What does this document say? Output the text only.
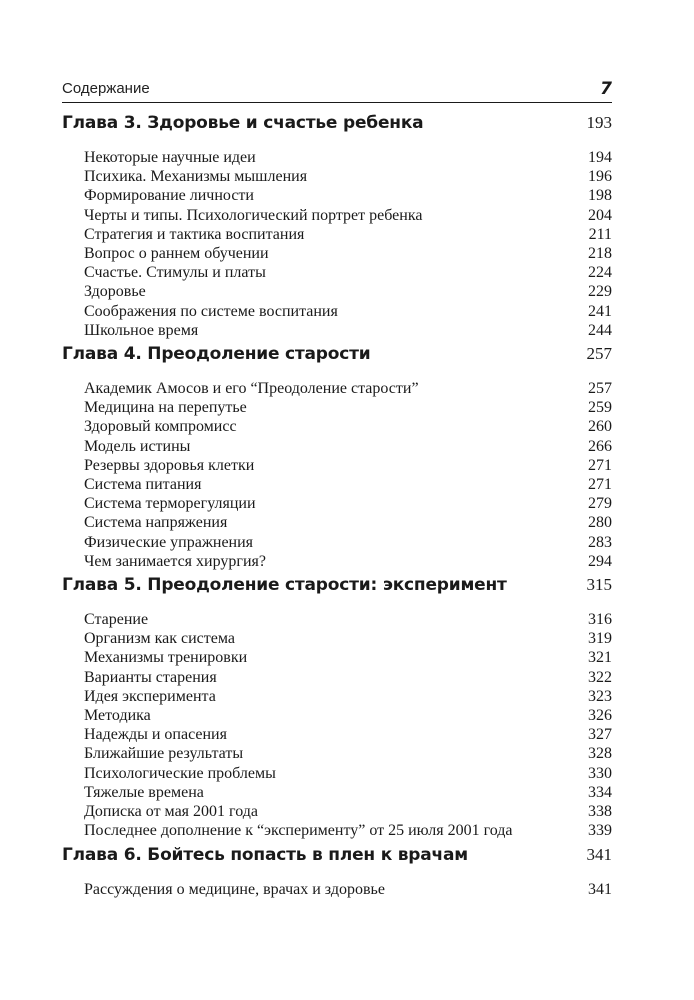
Содержание	7
Глава 3. Здоровье и счастье ребенка	193
Некоторые научные идеи	194
Психика. Механизмы мышления	196
Формирование личности	198
Черты и типы. Психологический портрет ребенка	204
Стратегия и тактика воспитания	211
Вопрос о раннем обучении	218
Счастье. Стимулы и платы	224
Здоровье	229
Соображения по системе воспитания	241
Школьное время	244
Глава 4. Преодоление старости	257
Академик Амосов и его “Преодоление старости”	257
Медицина на перепутье	259
Здоровый компромисс	260
Модель истины	266
Резервы здоровья клетки	271
Система питания	271
Система терморегуляции	279
Система напряжения	280
Физические упражнения	283
Чем занимается хирургия?	294
Глава 5. Преодоление старости: эксперимент	315
Старение	316
Организм как система	319
Механизмы тренировки	321
Варианты старения	322
Идея эксперимента	323
Методика	326
Надежды и опасения	327
Ближайшие результаты	328
Психологические проблемы	330
Тяжелые времена	334
Дописка от мая 2001 года	338
Последнее дополнение к “эксперименту” от 25 июля 2001 года	339
Глава 6. Бойтесь попасть в плен к врачам	341
Рассуждения о медицине, врачах и здоровье	341
